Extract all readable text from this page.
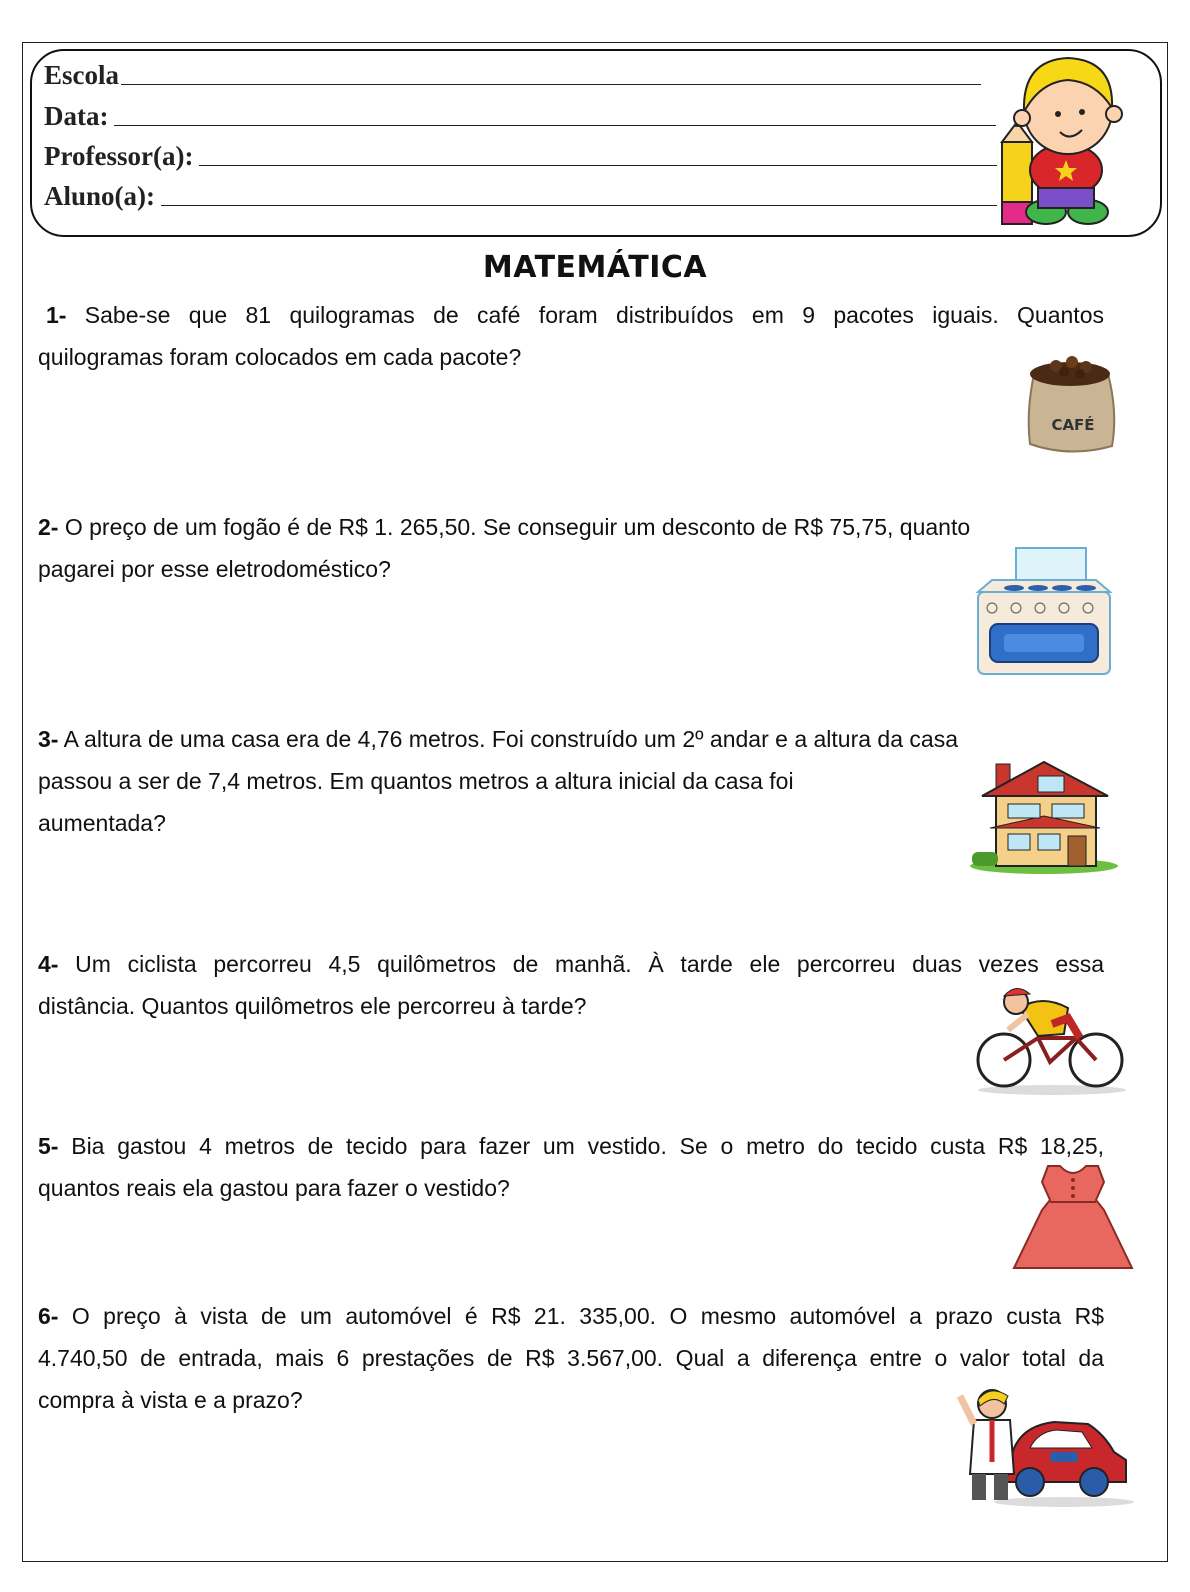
Escola
Data:
Professor(a):
Aluno(a):
MATEMÁTICA
1- Sabe-se que 81 quilogramas de café foram distribuídos em 9 pacotes iguais. Quantos
quilogramas foram colocados em cada pacote?
CAFÉ
2- O preço de um fogão é de R$ 1. 265,50. Se conseguir um desconto de R$ 75,75, quanto
pagarei por esse eletrodoméstico?
3- A altura de uma casa era de 4,76 metros. Foi construído um 2º andar e a altura da casa
passou a ser de 7,4 metros. Em quantos metros a altura inicial da casa foi
aumentada?
4- Um ciclista percorreu 4,5 quilômetros de manhã. À tarde ele percorreu duas vezes essa
distância. Quantos quilômetros ele percorreu à tarde?
5- Bia gastou 4 metros de tecido para fazer um vestido. Se o metro do tecido custa R$ 18,25,
quantos reais ela gastou para fazer o vestido?
6- O preço à vista de um automóvel é R$ 21. 335,00. O mesmo automóvel a prazo custa R$
4.740,50 de entrada, mais 6 prestações de R$ 3.567,00. Qual a diferença entre o valor total da
compra à vista e a prazo?
